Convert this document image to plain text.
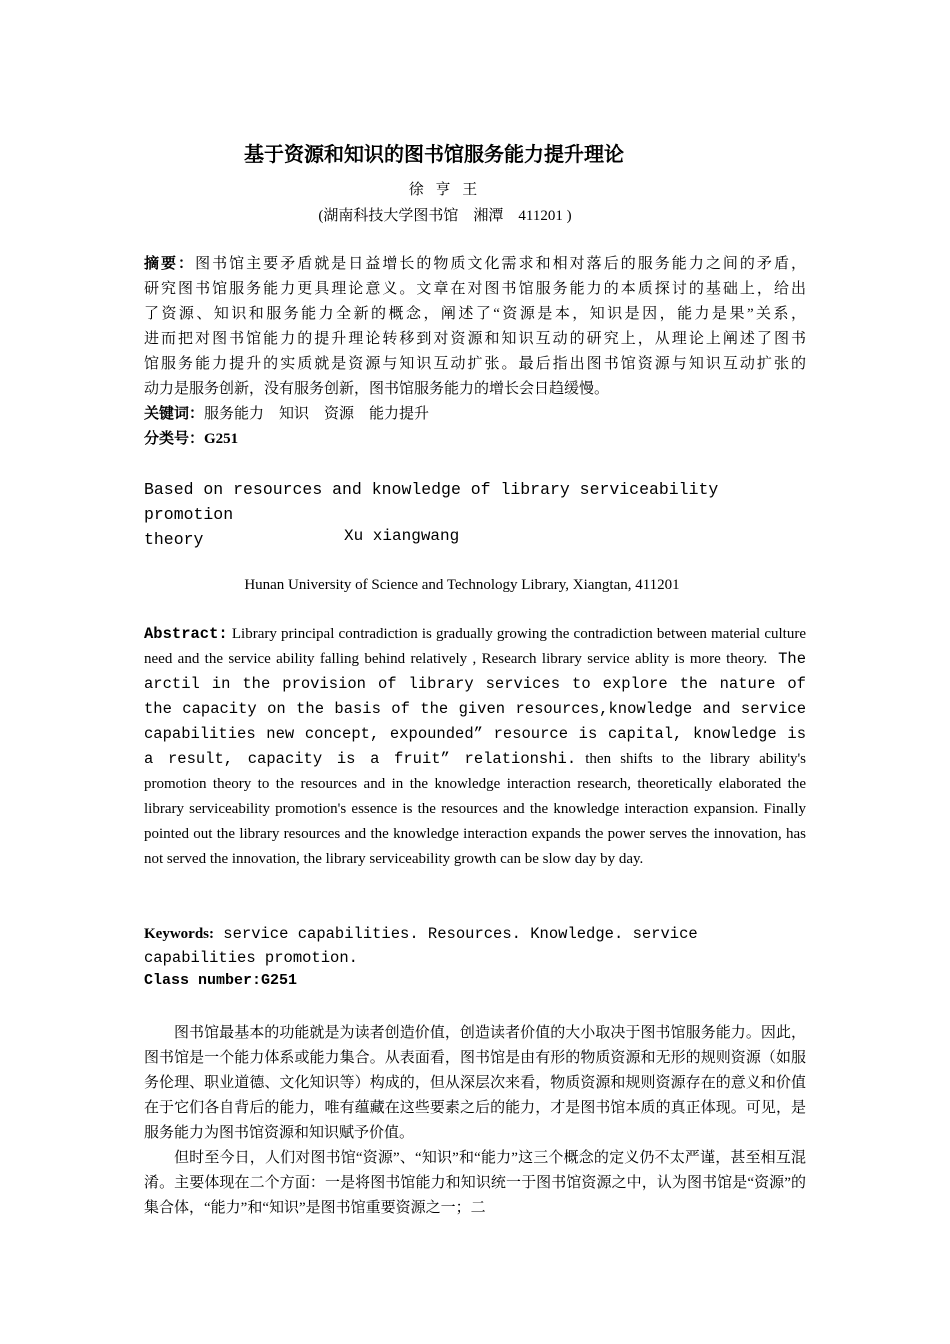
基于资源和知识的图书馆服务能力提升理论
徐 亨 王
(湖南科技大学图书馆　湘潭　411201 )
摘要：图书馆主要矛盾就是日益增长的物质文化需求和相对落后的服务能力之间的矛盾，
研究图书馆服务能力更具理论意义。文章在对图书馆服务能力的本质探讨的基础上，给出
了资源、知识和服务能力全新的概念，阐述了“资源是本，知识是因，能力是果”关系，
进而把对图书馆能力的提升理论转移到对资源和知识互动的研究上，从理论上阐述了图书
馆服务能力提升的实质就是资源与知识互动扩张。最后指出图书馆资源与知识互动扩张的
动力是服务创新，没有服务创新，图书馆服务能力的增长会日趋缓慢。
关键词：服务能力　知识　资源　能力提升
分类号：G251
Based on resources and knowledge of library serviceability promotion
theory	Xu xiangwang
Hunan University of Science and Technology Library, Xiangtan, 411201
Abstract: Library principal contradiction is gradually growing the contradiction between material culture need and the service ability falling behind relatively , Research library service ablity is more theory. The arctil in the provision of library services to explore the nature of the capacity on the basis of the given resources,knowledge and service capabilities new concept, expounded” resource is capital, knowledge is a result, capacity is a fruit” relationshi. then shifts to the library ability's promotion theory to the resources and in the knowledge interaction research, theoretically elaborated the library serviceability promotion's essence is the resources and the knowledge interaction expansion. Finally pointed out the library resources and the knowledge interaction expands the power serves the innovation, has not served the innovation, the library serviceability growth can be slow day by day.
Keywords: service capabilities. Resources. Knowledge. service capabilities promotion.
Class number:G251

图书馆最基本的功能就是为读者创造价值，创造读者价值的大小取决于图书馆服务能力。因此，图书馆是一个能力体系或能力集合。从表面看，图书馆是由有形的物质资源和无形的规则资源（如服务伦理、职业道德、文化知识等）构成的，但从深层次来看，物质资源和规则资源存在的意义和价值在于它们各自背后的能力，唯有蕴藏在这些要素之后的能力，才是图书馆本质的真正体现。可见，是服务能力为图书馆资源和知识赋予价值。

但时至今日，人们对图书馆“资源”、“知识”和“能力”这三个概念的定义仍不太严谨，甚至相互混淆。主要体现在二个方面：一是将图书馆能力和知识统一于图书馆资源之中，认为图书馆是“资源”的集合体，“能力”和“知识”是图书馆重要资源之一；二
